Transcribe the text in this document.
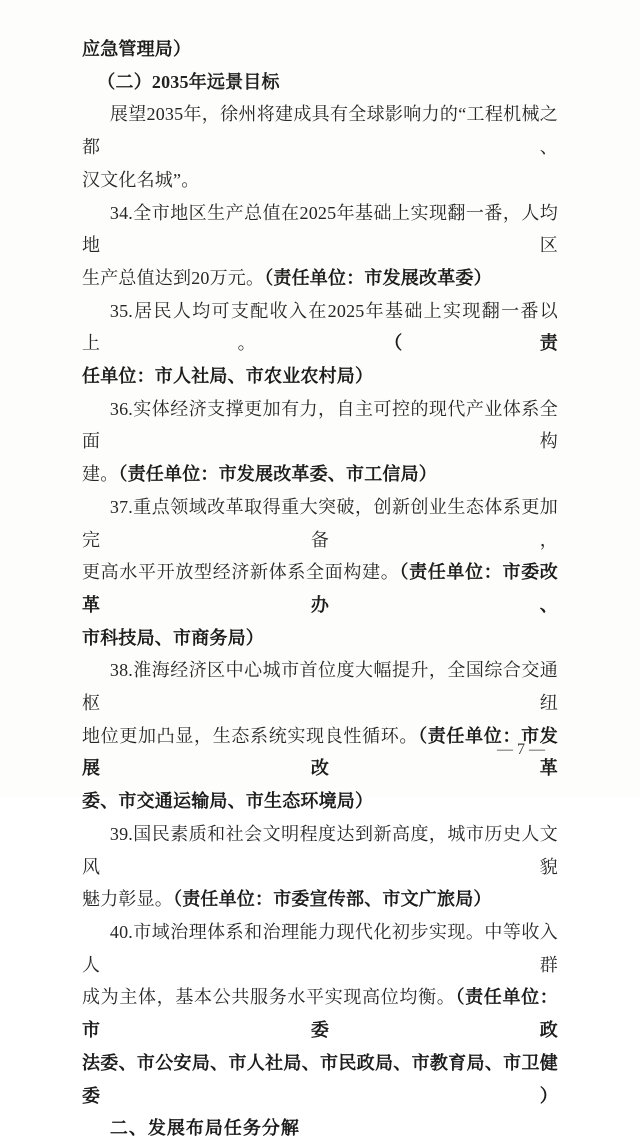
应急管理局）
（二）2035年远景目标
展望2035年，徐州将建成具有全球影响力的“工程机械之都、
汉文化名城”。
34.全市地区生产总值在2025年基础上实现翻一番，人均地区
生产总值达到20万元。（责任单位：市发展改革委）
35.居民人均可支配收入在2025年基础上实现翻一番以上。（责
任单位：市人社局、市农业农村局）
36.实体经济支撑更加有力，自主可控的现代产业体系全面构
建。（责任单位：市发展改革委、市工信局）
37.重点领域改革取得重大突破，创新创业生态体系更加完备，
更高水平开放型经济新体系全面构建。（责任单位：市委改革办、
市科技局、市商务局）
38.淮海经济区中心城市首位度大幅提升，全国综合交通枢纽
地位更加凸显，生态系统实现良性循环。（责任单位：市发展改革
委、市交通运输局、市生态环境局）
39.国民素质和社会文明程度达到新高度，城市历史人文风貌
魅力彰显。（责任单位：市委宣传部、市文广旅局）
40.市域治理体系和治理能力现代化初步实现。中等收入人群
成为主体，基本公共服务水平实现高位均衡。（责任单位：市委政
法委、市公安局、市人社局、市民政局、市教育局、市卫健委）
二、发展布局任务分解
— 7 —
